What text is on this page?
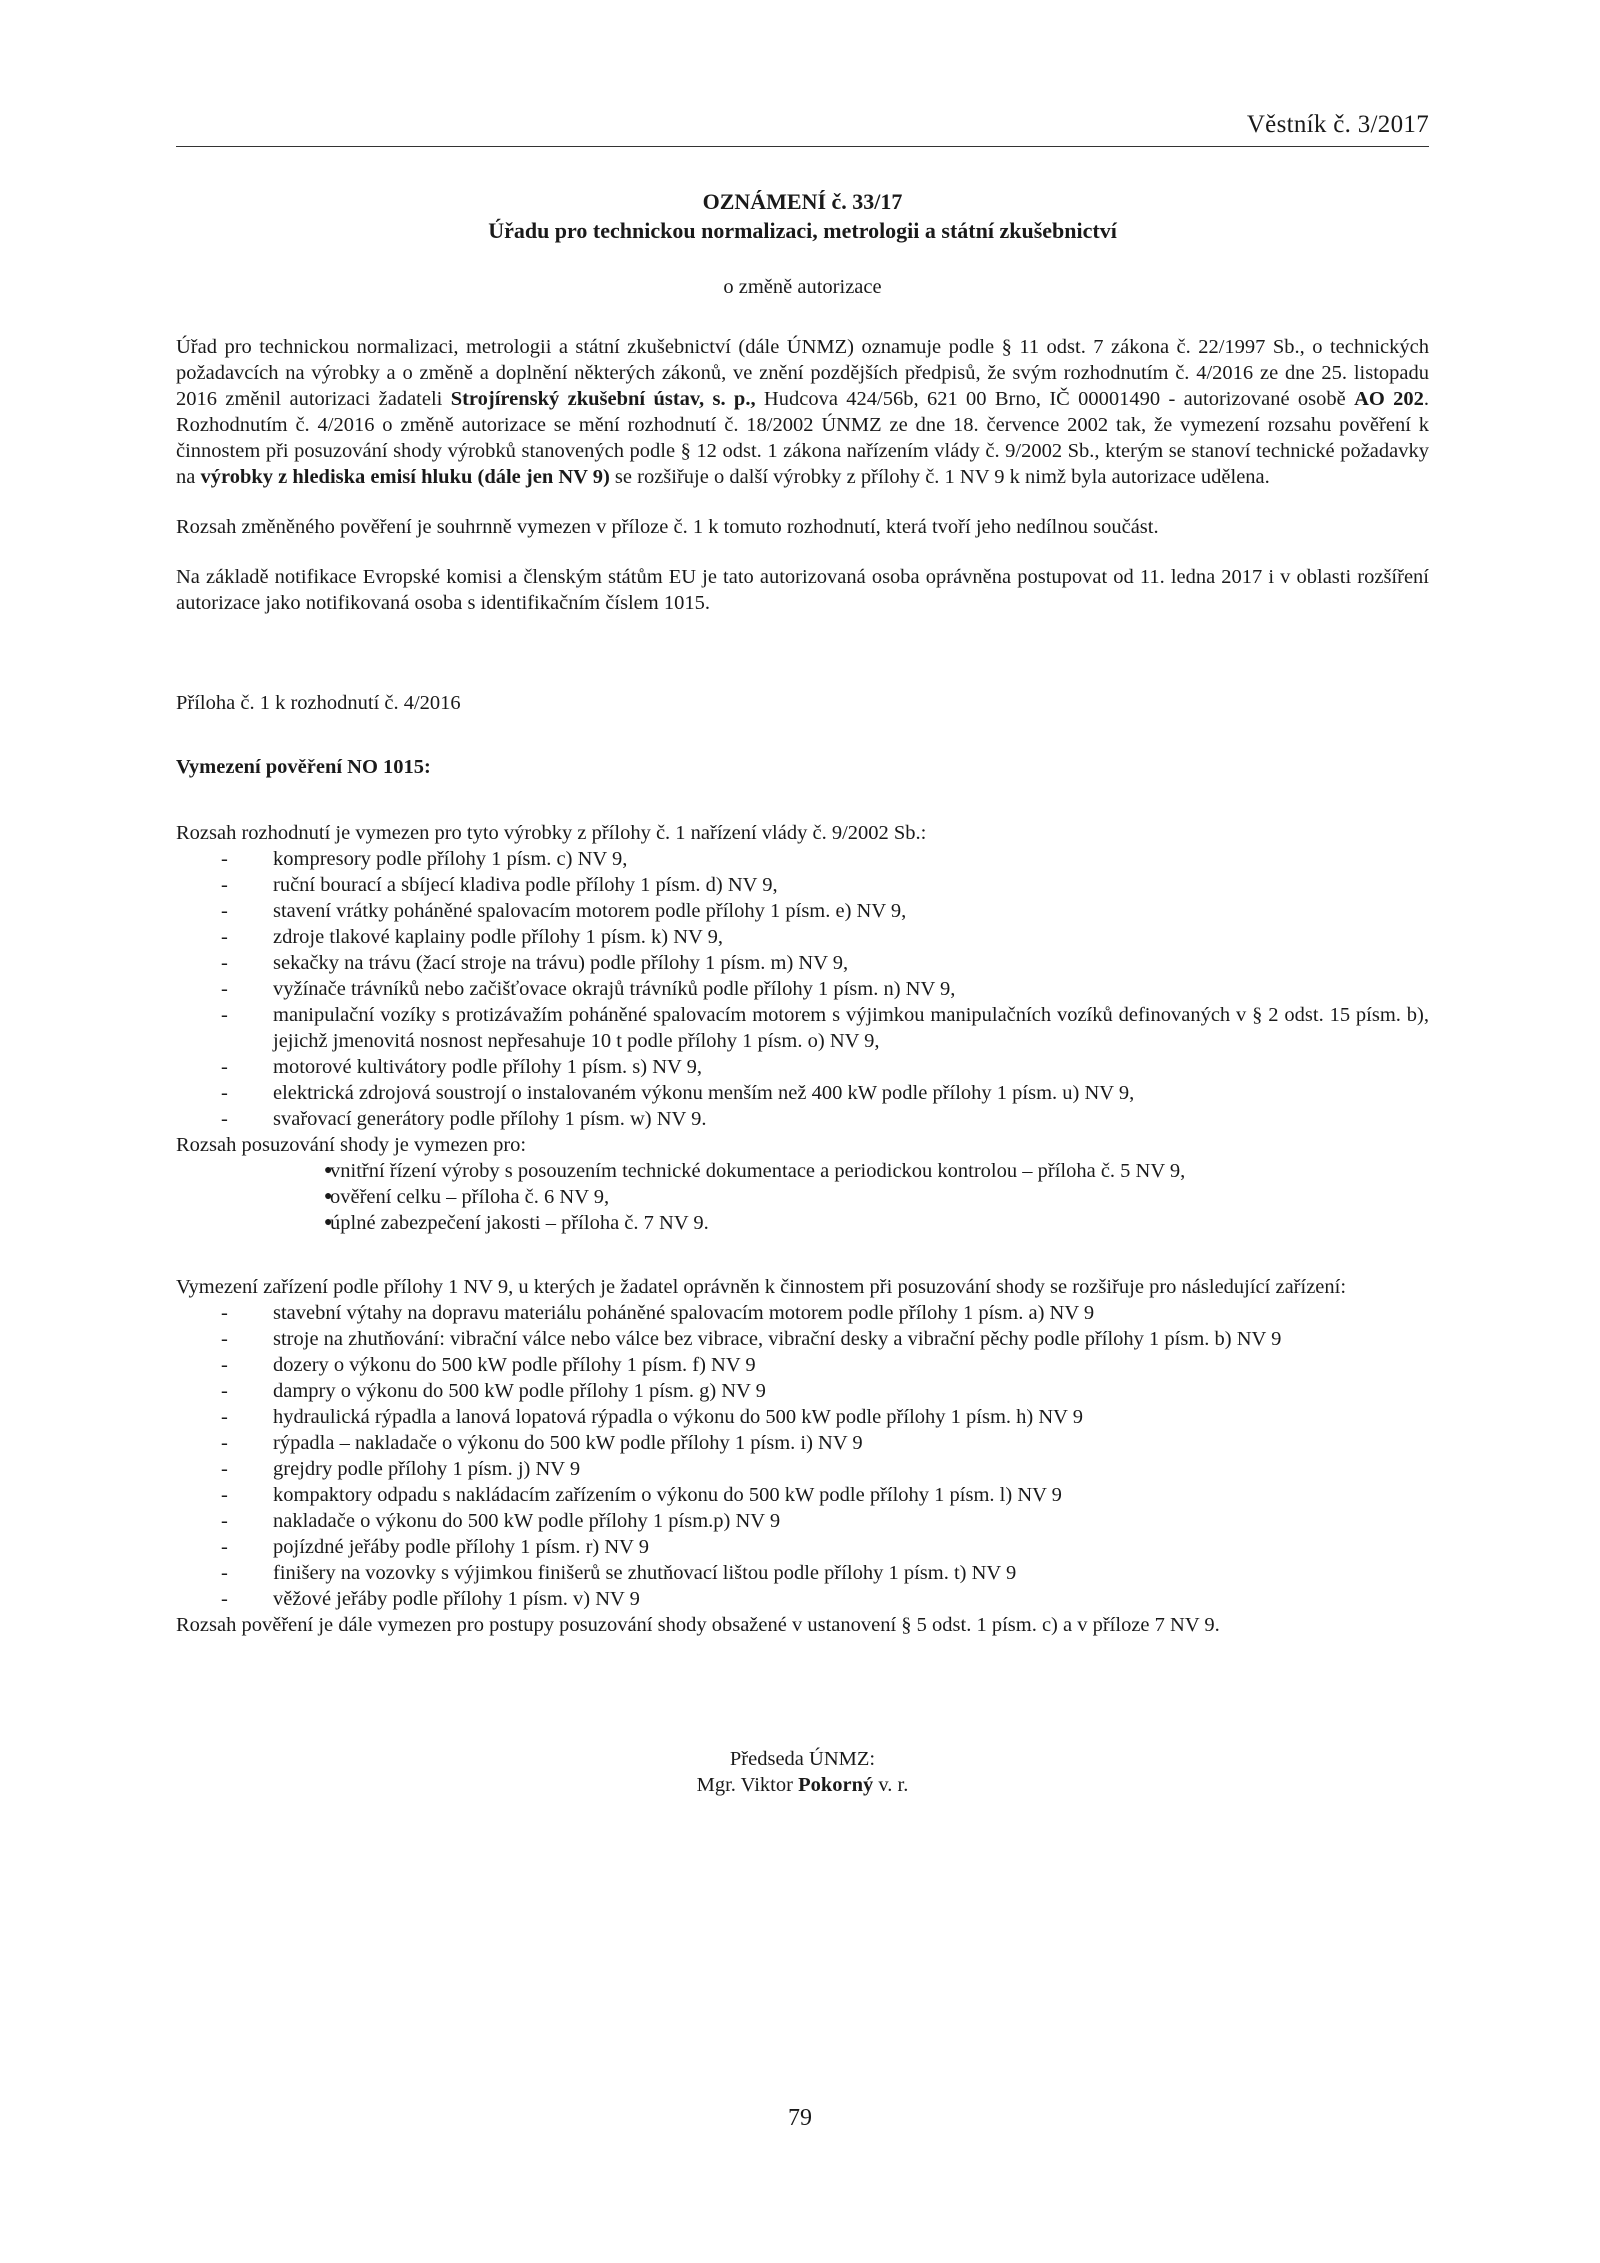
Věstník č. 3/2017
OZNÁMENÍ č. 33/17
Úřadu pro technickou normalizaci, metrologii a státní zkušebnictví
o změně autorizace

Úřad pro technickou normalizaci, metrologii a státní zkušebnictví (dále ÚNMZ) oznamuje podle § 11 odst. 7 zákona č. 22/1997 Sb., o technických požadavcích na výrobky a o změně a doplnění některých zákonů, ve znění pozdějších předpisů, že svým rozhodnutím č. 4/2016 ze dne 25. listopadu 2016 změnil autorizaci žadateli Strojírenský zkušební ústav, s. p., Hudcova 424/56b, 621 00 Brno, IČ 00001490 - autorizované osobě AO 202. Rozhodnutím č. 4/2016 o změně autorizace se mění rozhodnutí č. 18/2002 ÚNMZ ze dne 18. července 2002 tak, že vymezení rozsahu pověření k činnostem při posuzování shody výrobků stanovených podle § 12 odst. 1 zákona nařízením vlády č. 9/2002 Sb., kterým se stanoví technické požadavky na výrobky z hlediska emisí hluku (dále jen NV 9) se rozšiřuje o další výrobky z přílohy č. 1 NV 9 k nimž byla autorizace udělena.

Rozsah změněného pověření je souhrnně vymezen v příloze č. 1 k tomuto rozhodnutí, která tvoří jeho nedílnou součást.

Na základě notifikace Evropské komisi a členským státům EU je tato autorizovaná osoba oprávněna postupovat od 11. ledna 2017 i v oblasti rozšíření autorizace jako notifikovaná osoba s identifikačním číslem 1015.

Příloha č. 1 k rozhodnutí č. 4/2016

Vymezení pověření NO 1015:
Rozsah rozhodnutí je vymezen pro tyto výrobky z přílohy č. 1 nařízení vlády č. 9/2002 Sb.:
- kompresory podle přílohy 1 písm. c) NV 9,
- ruční bourací a sbíjecí kladiva podle přílohy 1 písm. d) NV 9,
- stavení vrátky poháněné spalovacím motorem podle přílohy 1 písm. e) NV 9,
- zdroje tlakové kaplainy podle přílohy 1 písm. k) NV 9,
- sekačky na trávu (žací stroje na trávu) podle přílohy 1 písm. m) NV 9,
- vyžínače trávníků nebo začišťovace okrajů trávníků podle přílohy 1 písm. n) NV 9,
- manipulační vozíky s protizávažím poháněné spalovacím motorem s výjimkou manipulačních vozíků definovaných v § 2 odst. 15 písm. b), jejichž jmenovitá nosnost nepřesahuje 10 t podle přílohy 1 písm. o) NV 9,
- motorové kultivátory podle přílohy 1 písm. s) NV 9,
- elektrická zdrojová soustrojí o instalovaném výkonu menším než 400 kW podle přílohy 1 písm. u) NV 9,
- svařovací generátory podle přílohy 1 písm. w) NV 9.
Rozsah posuzování shody je vymezen pro:
●
vnitřní řízení výroby s posouzením technické dokumentace a periodickou kontrolou – příloha č. 5 NV 9,
●
ověření celku – příloha č. 6 NV 9,
●
úplné zabezpečení jakosti – příloha č. 7 NV 9.
Vymezení zařízení podle přílohy 1 NV 9, u kterých je žadatel oprávněn k činnostem při posuzování shody se rozšiřuje pro následující zařízení:
- stavební výtahy na dopravu materiálu poháněné spalovacím motorem podle přílohy 1 písm. a) NV 9
- stroje na zhutňování: vibrační válce nebo válce bez vibrace, vibrační desky a vibrační pěchy podle přílohy 1 písm. b) NV 9
- dozery o výkonu do 500 kW podle přílohy 1 písm. f) NV 9
- dampry o výkonu do 500 kW podle přílohy 1 písm. g) NV 9
- hydraulická rýpadla a lanová lopatová rýpadla o výkonu do 500 kW podle přílohy 1 písm. h) NV 9
- rýpadla – nakladače o výkonu do 500 kW podle přílohy 1 písm. i) NV 9
- grejdry podle přílohy 1 písm. j) NV 9
- kompaktory odpadu s nakládacím zařízením o výkonu do 500 kW podle přílohy 1 písm. l) NV 9
- nakladače o výkonu do 500 kW podle přílohy 1 písm.p) NV 9
- pojízdné jeřáby podle přílohy 1 písm. r) NV 9
- finišery na vozovky s výjimkou finišerů se zhutňovací lištou podle přílohy 1 písm. t) NV 9
- věžové jeřáby podle přílohy 1 písm. v) NV 9
Rozsah pověření je dále vymezen pro postupy posuzování shody obsažené v ustanovení § 5 odst. 1 písm. c) a v příloze 7 NV 9.
Předseda ÚNMZ:
Mgr. Viktor Pokorný v. r.
79
